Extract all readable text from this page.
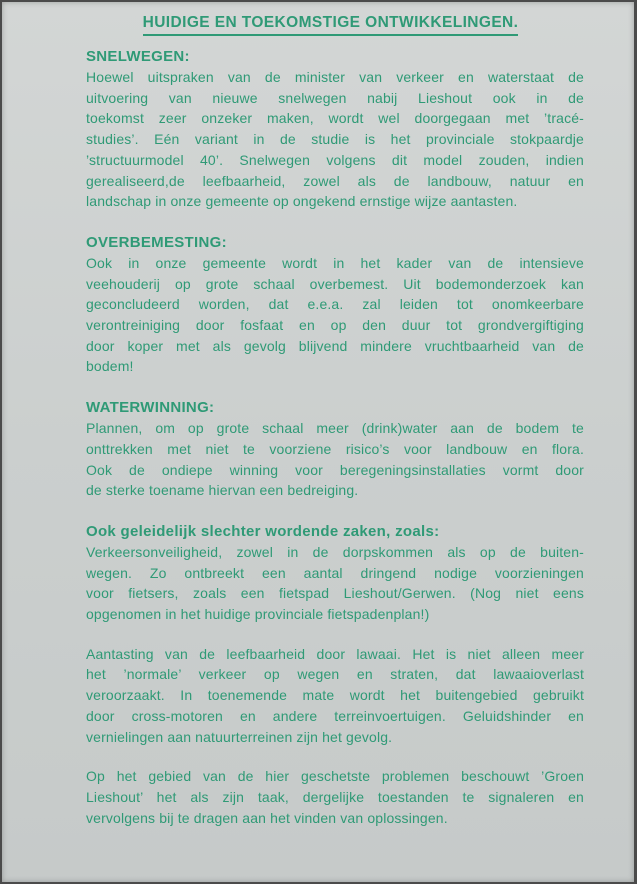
HUIDIGE EN TOEKOMSTIGE ONTWIKKELINGEN.

SNELWEGEN:

Hoewel uitspraken van de minister van verkeer en waterstaat de
uitvoering van nieuwe snelwegen nabij Lieshout ook in de
toekomst zeer onzeker maken, wordt wel doorgegaan met ’tracé-
studies’. Eén variant in de studie is het provinciale stokpaardje
’structuurmodel 40’. Snelwegen volgens dit model zouden, indien
gerealiseerd,de leefbaarheid, zowel als de landbouw, natuur en
landschap in onze gemeente op ongekend ernstige wijze aantasten.

OVERBEMESTING:

Ook in onze gemeente wordt in het kader van de intensieve
veehouderij op grote schaal overbemest. Uit bodemonderzoek kan
geconcludeerd worden, dat e.e.a. zal leiden tot onomkeerbare
verontreiniging door fosfaat en op den duur tot grondvergiftiging
door koper met als gevolg blijvend mindere vruchtbaarheid van de
bodem!

WATERWINNING:

Plannen, om op grote schaal meer (drink)water aan de bodem te
onttrekken met niet te voorziene risico’s voor landbouw en flora.
Ook de ondiepe winning voor beregeningsinstallaties vormt door
de sterke toename hiervan een bedreiging.

Ook geleidelijk slechter wordende zaken, zoals:

Verkeersonveiligheid, zowel in de dorpskommen als op de buiten-
wegen. Zo ontbreekt een aantal dringend nodige voorzieningen
voor fietsers, zoals een fietspad Lieshout/Gerwen. (Nog niet eens
opgenomen in het huidige provinciale fietspadenplan!)

Aantasting van de leefbaarheid door lawaai. Het is niet alleen meer
het ’normale’ verkeer op wegen en straten, dat lawaaioverlast
veroorzaakt. In toenemende mate wordt het buitengebied gebruikt
door cross-motoren en andere terreinvoertuigen. Geluidshinder en
vernielingen aan natuurterreinen zijn het gevolg.

Op het gebied van de hier geschetste problemen beschouwt ’Groen
Lieshout’ het als zijn taak, dergelijke toestanden te signaleren en
vervolgens bij te dragen aan het vinden van oplossingen.
